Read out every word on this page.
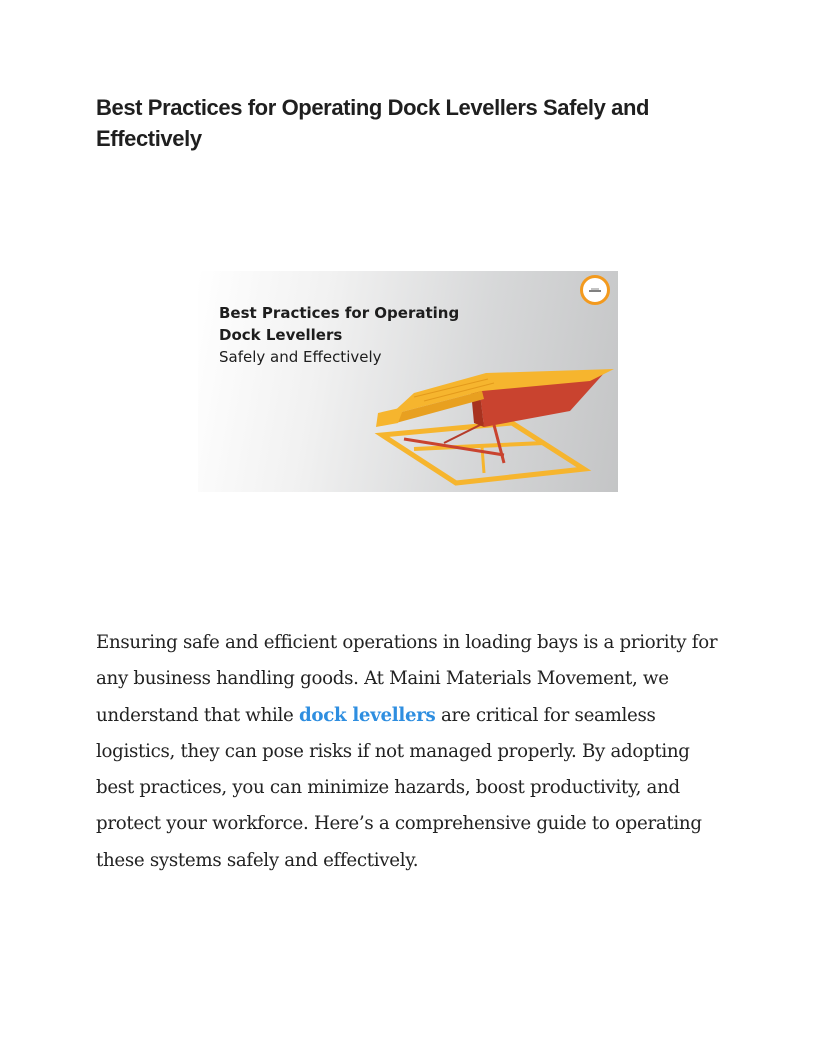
Best Practices for Operating Dock Levellers Safely and Effectively
Best Practices for Operating
Dock Levellers
Safely and Effectively

Ensuring safe and efficient operations in loading bays is a priority for any business handling goods. At Maini Materials Movement, we understand that while dock levellers are critical for seamless logistics, they can pose risks if not managed properly. By adopting best practices, you can minimize hazards, boost productivity, and protect your workforce. Here’s a comprehensive guide to operating these systems safely and effectively.
